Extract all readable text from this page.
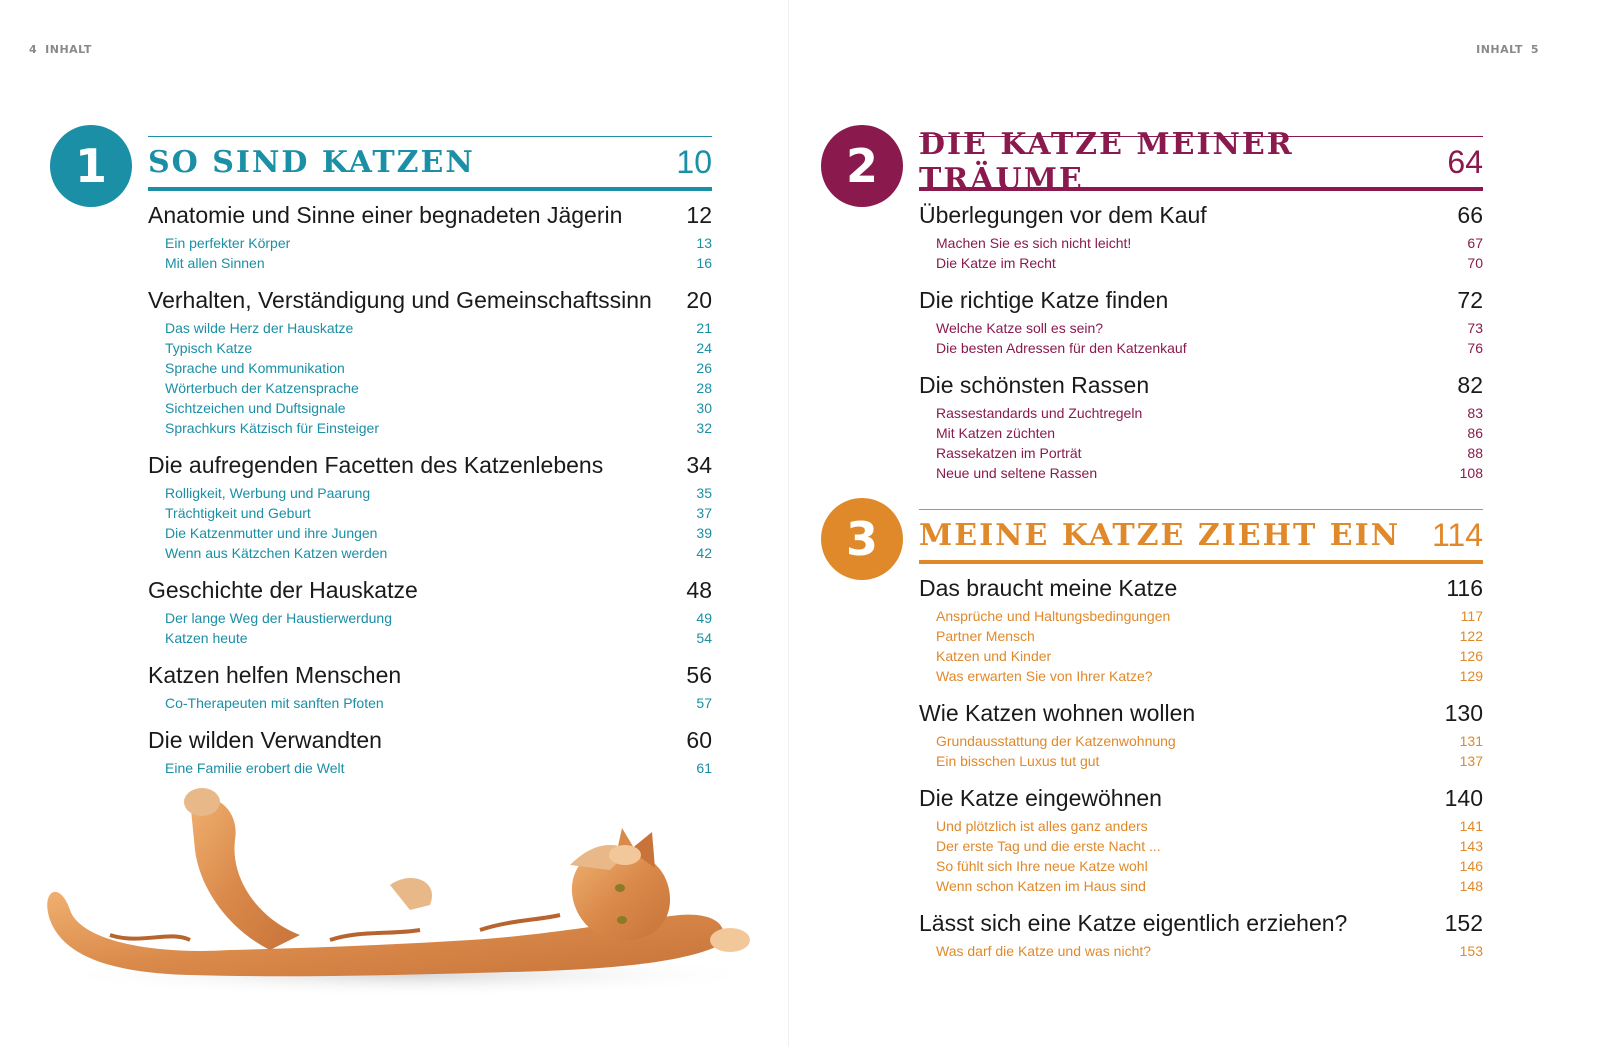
4 INHALT	INHALT 5
1	SO SIND KATZEN	10
Anatomie und Sinne einer begnadeten Jägerin	12
Ein perfekter Körper	13
Mit allen Sinnen	16
Verhalten, Verständigung und Gemeinschaftssinn 20
Das wilde Herz der Hauskatze	21
Typisch Katze	24
Sprache und Kommunikation	26
Wörterbuch der Katzensprache	28
Sichtzeichen und Duftsignale	30
Sprachkurs Kätzisch für Einsteiger	32
Die aufregenden Facetten des Katzenlebens	34
Rolligkeit, Werbung und Paarung	35
Trächtigkeit und Geburt	37
Die Katzenmutter und ihre Jungen	39
Wenn aus Kätzchen Katzen werden	42
Geschichte der Hauskatze	48
Der lange Weg der Haustierwerdung	49
Katzen heute	54
Katzen helfen Menschen	56
Co-Therapeuten mit sanften Pfoten	57
Die wilden Verwandten	60
Eine Familie erobert die Welt	61
2	DIE KATZE MEINER TRÄUME	64
Überlegungen vor dem Kauf	66
Machen Sie es sich nicht leicht!	67
Die Katze im Recht	70
Die richtige Katze finden	72
Welche Katze soll es sein?	73
Die besten Adressen für den Katzenkauf	76
Die schönsten Rassen	82
Rassestandards und Zuchtregeln	83
Mit Katzen züchten	86
Rassekatzen im Porträt	88
Neue und seltene Rassen	108
3	MEINE KATZE ZIEHT EIN 114
Das braucht meine Katze	116
Ansprüche und Haltungsbedingungen	117
Partner Mensch	122
Katzen und Kinder	126
Was erwarten Sie von Ihrer Katze?	129
Wie Katzen wohnen wollen	130
Grundausstattung der Katzenwohnung	131
Ein bisschen Luxus tut gut	137
Die Katze eingewöhnen	140
Und plötzlich ist alles ganz anders	141
Der erste Tag und die erste Nacht ...	143
So fühlt sich Ihre neue Katze wohl	146
Wenn schon Katzen im Haus sind	148
Lässt sich eine Katze eigentlich erziehen?	152
Was darf die Katze und was nicht?	153
